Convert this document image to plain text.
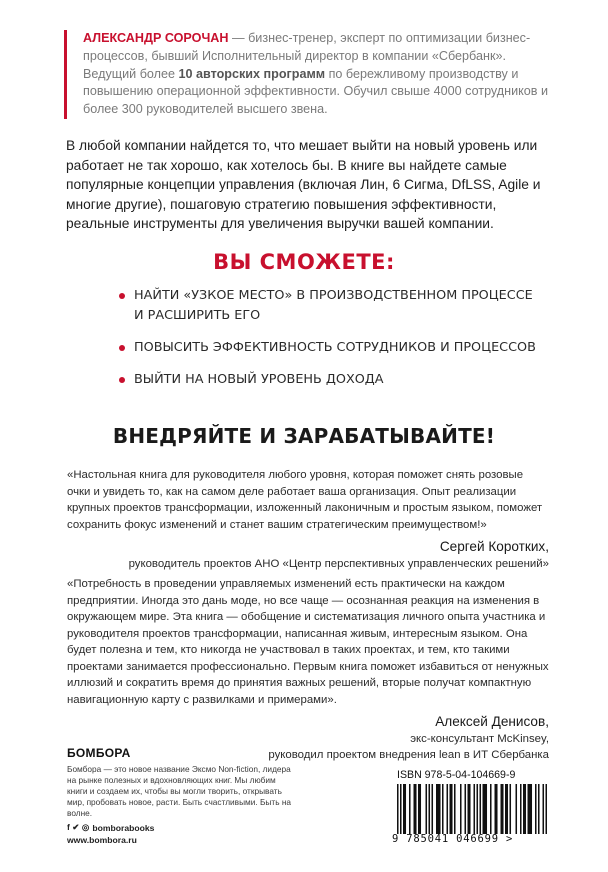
АЛЕКСАНДР СОРОЧАН — бизнес-тренер, эксперт по оптимизации бизнес-процессов, бывший Исполнительный директор в компании «Сбербанк». Ведущий более 10 авторских программ по бережливому производству и повышению операционной эффективности. Обучил свыше 4000 сотрудников и более 300 руководителей высшего звена.
В любой компании найдется то, что мешает выйти на новый уровень или работает не так хорошо, как хотелось бы. В книге вы найдете самые популярные концепции управления (включая Лин, 6 Сигма, DfLSS, Agile и многие другие), пошаговую стратегию повышения эффективности, реальные инструменты для увеличения выручки вашей компании.
ВЫ СМОЖЕТЕ:
НАЙТИ «УЗКОЕ МЕСТО» В ПРОИЗВОДСТВЕННОМ ПРОЦЕССЕ И РАСШИРИТЬ ЕГО
ПОВЫСИТЬ ЭФФЕКТИВНОСТЬ СОТРУДНИКОВ И ПРОЦЕССОВ
ВЫЙТИ НА НОВЫЙ УРОВЕНЬ ДОХОДА
ВНЕДРЯЙТЕ И ЗАРАБАТЫВАЙТЕ!
«Настольная книга для руководителя любого уровня, которая поможет снять розовые очки и увидеть то, как на самом деле работает ваша организация. Опыт реализации крупных проектов трансформации, изложенный лаконичным и простым языком, поможет сохранить фокус изменений и станет вашим стратегическим преимуществом!»
Сергей Коротких,
руководитель проектов АНО «Центр перспективных управленческих решений»
«Потребность в проведении управляемых изменений есть практически на каждом предприятии. Иногда это дань моде, но все чаще — осознанная реакция на изменения в окружающем мире. Эта книга — обобщение и систематизация личного опыта участника и руководителя проектов трансформации, написанная живым, интересным языком. Она будет полезна и тем, кто никогда не участвовал в таких проектах, и тем, кто такими проектами занимается профессионально. Первым книга поможет избавиться от ненужных иллюзий и сократить время до принятия важных решений, вторые получат компактную навигационную карту с развилками и примерами».
Алексей Денисов,
экс-консультант McKinsey,
руководил проектом внедрения lean в ИТ Сбербанка
БОМБОРА
Бомбора — это новое название Эксмо Non-fiction, лидера на рынке полезных и вдохновляющих книг. Мы любим книги и создаем их, чтобы вы могли творить, открывать мир, пробовать новое, расти. Быть счастливыми. Быть на волне.
f ✔ ◎ bomborabooks
www.bombora.ru
ISBN 978-5-04-104669-9
9 785041 046699 >
